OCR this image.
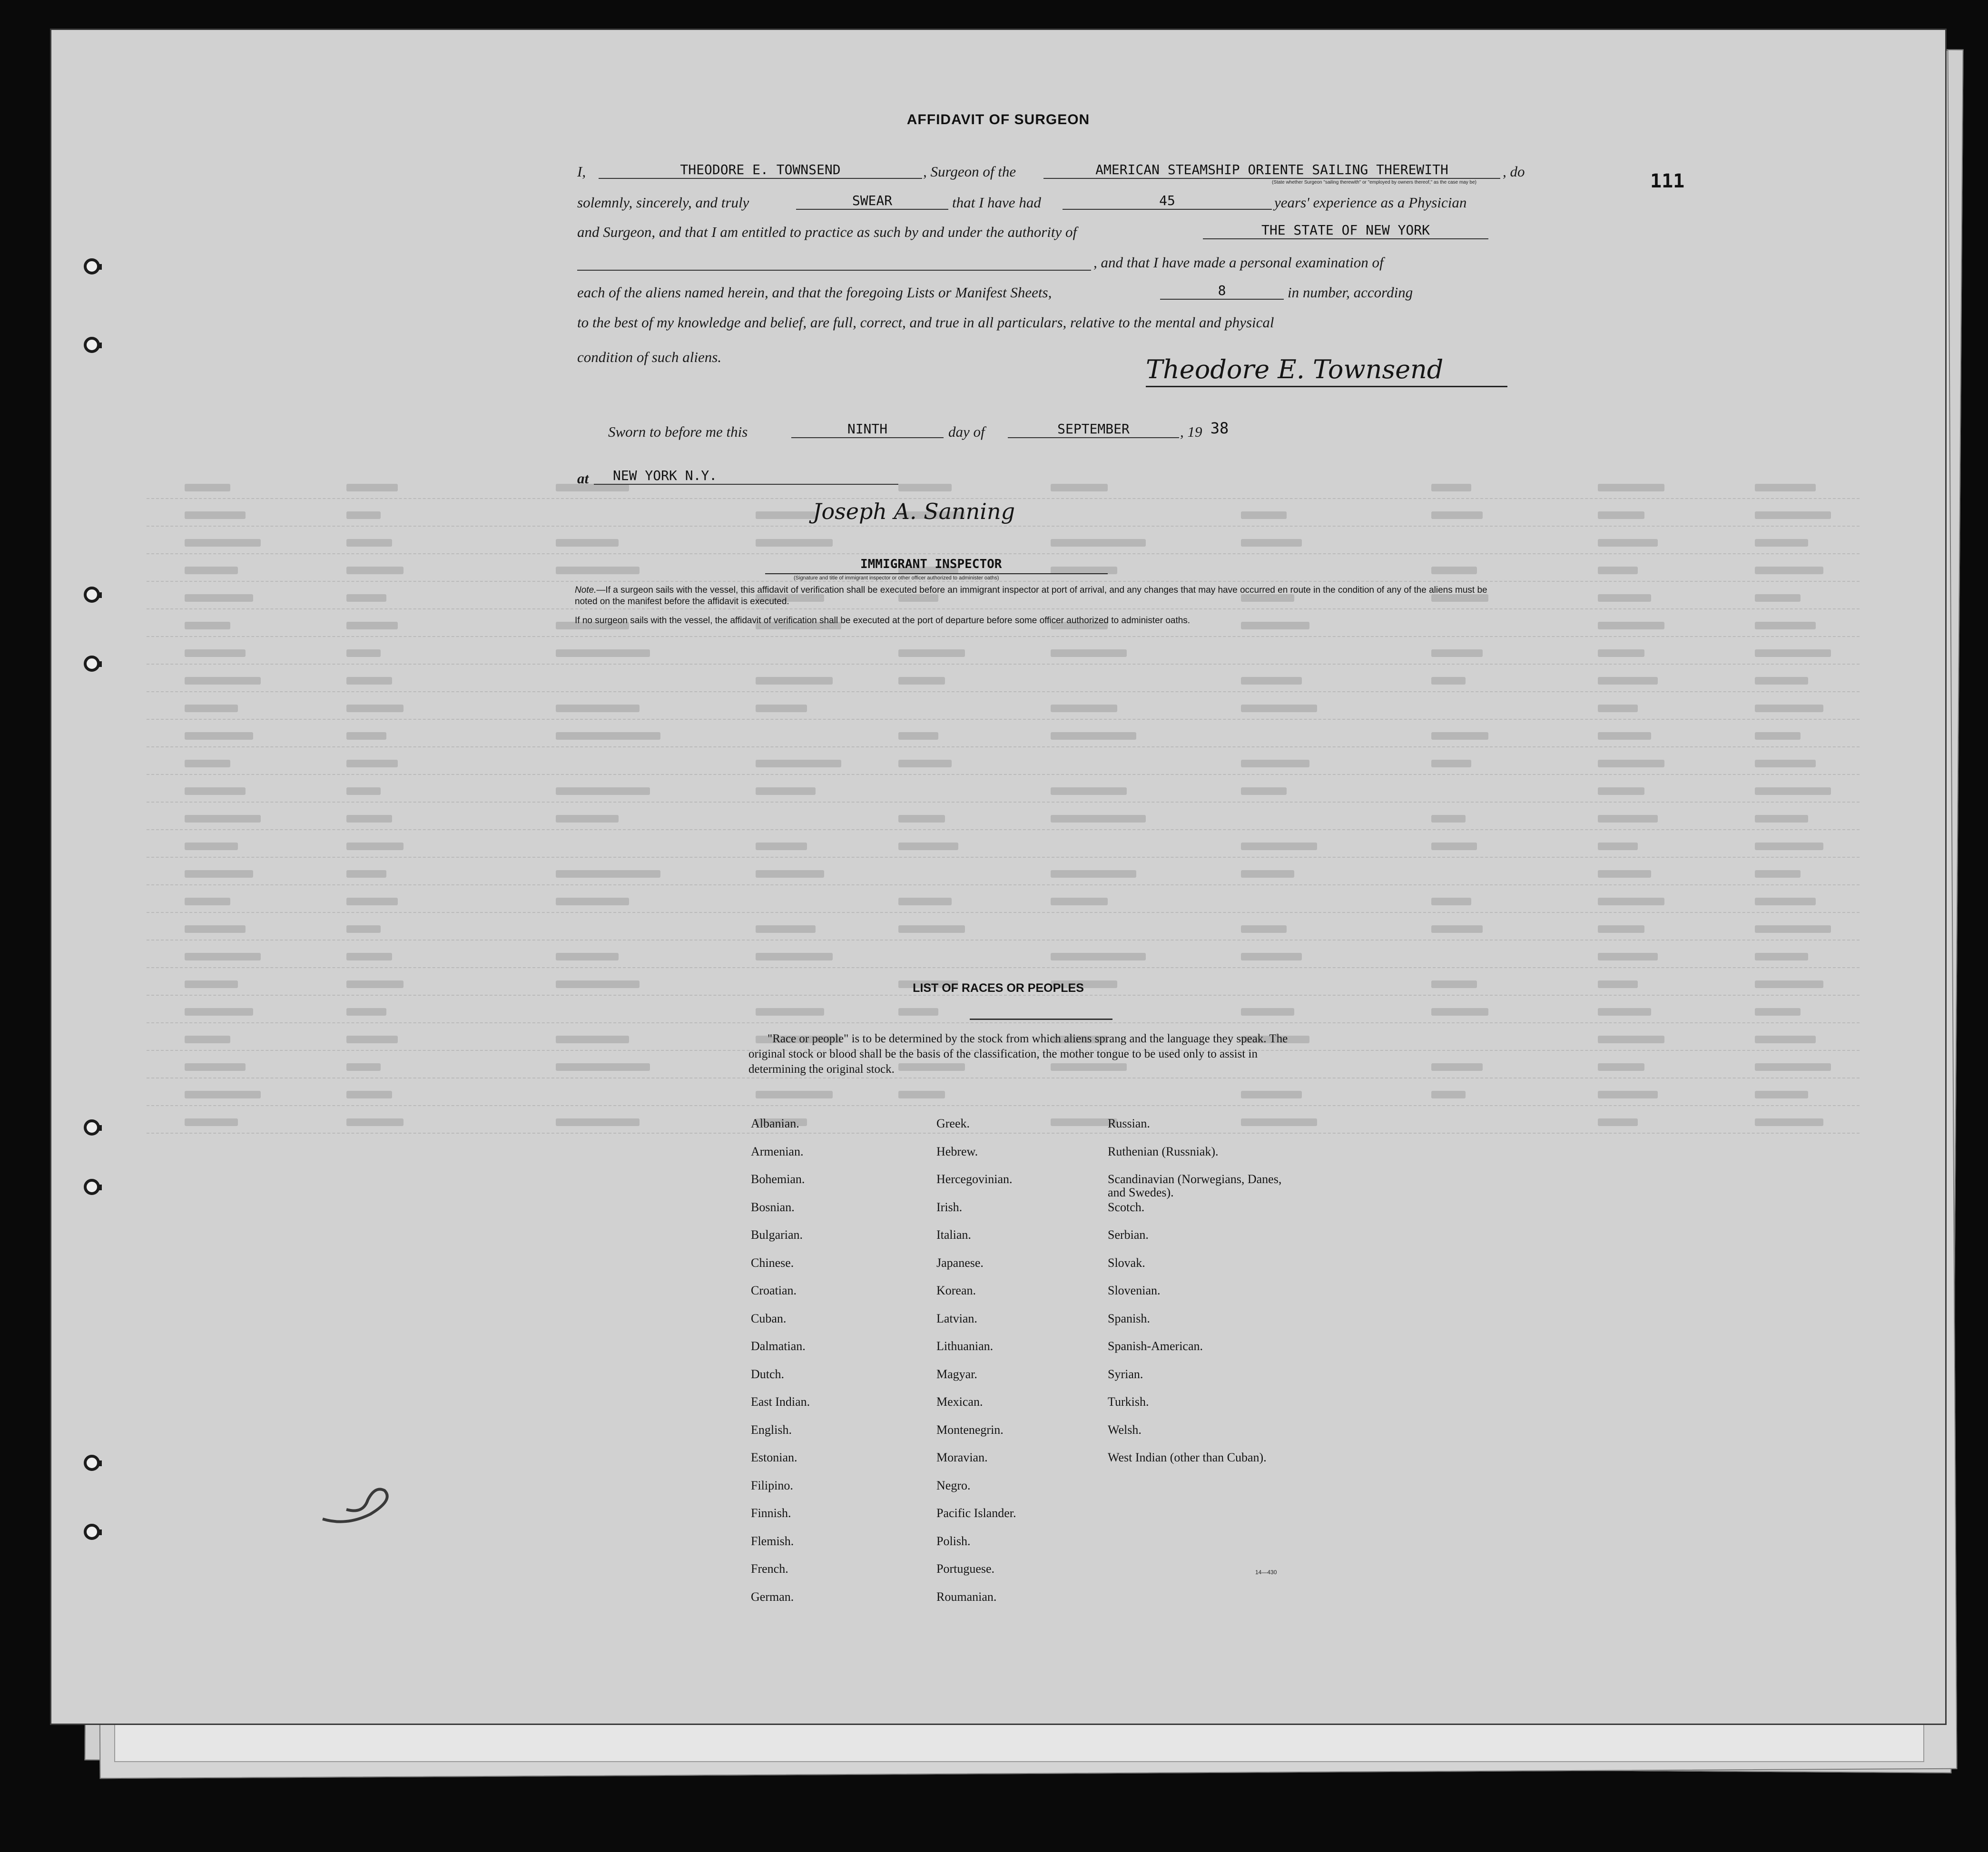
AFFIDAVIT OF SURGEON
111
I,	THEODORE E. TOWNSEND	, Surgeon of the	AMERICAN STEAMSHIP ORIENTE SAILING THEREWITH	, do
(State whether Surgeon "sailing therewith" or "employed by owners thereof," as the case may be)
solemnly, sincerely, and truly	SWEAR	that I have had	45	years' experience as a Physician
and Surgeon, and that I am entitled to practice as such by and under the authority of	THE STATE OF NEW YORK
, and that I have made a personal examination of
each of the aliens named herein, and that the foregoing Lists or Manifest Sheets,	8	in number, according
to the best of my knowledge and belief, are full, correct, and true in all particulars, relative to the mental and physical
condition of such aliens.	Theodore E. Townsend
Sworn to before me this	NINTH	day of	SEPTEMBER	, 19 38
at	NEW YORK N.Y.
Joseph A. Sanning
IMMIGRANT INSPECTOR
(Signature and title of immigrant inspector or other officer authorized to administer oaths)
Note.—If a surgeon sails with the vessel, this affidavit of verification shall be executed before an immigrant inspector at port of arrival, and any changes that may have occurred en route in the condition of any of the aliens must be noted on the manifest before the affidavit is executed.
If no surgeon sails with the vessel, the affidavit of verification shall be executed at the port of departure before some officer authorized to administer oaths.
LIST OF RACES OR PEOPLES
"Race or people" is to be determined by the stock from which aliens sprang and the language they speak. The original stock or blood shall be the basis of the classification, the mother tongue to be used only to assist in determining the original stock.
Albanian.
Armenian.
Bohemian.
Bosnian.
Bulgarian.
Chinese.
Croatian.
Cuban.
Dalmatian.
Dutch.
East Indian.
English.
Estonian.
Filipino.
Finnish.
Flemish.
French.
German.
Greek.
Hebrew.
Hercegovinian.
Irish.
Italian.
Japanese.
Korean.
Latvian.
Lithuanian.
Magyar.
Mexican.
Montenegrin.
Moravian.
Negro.
Pacific Islander.
Polish.
Portuguese.
Roumanian.
Russian.
Ruthenian (Russniak).
Scandinavian (Norwegians, Danes, and Swedes).
Scotch.
Serbian.
Slovak.
Slovenian.
Spanish.
Spanish-American.
Syrian.
Turkish.
Welsh.
West Indian (other than Cuban).
14—430
